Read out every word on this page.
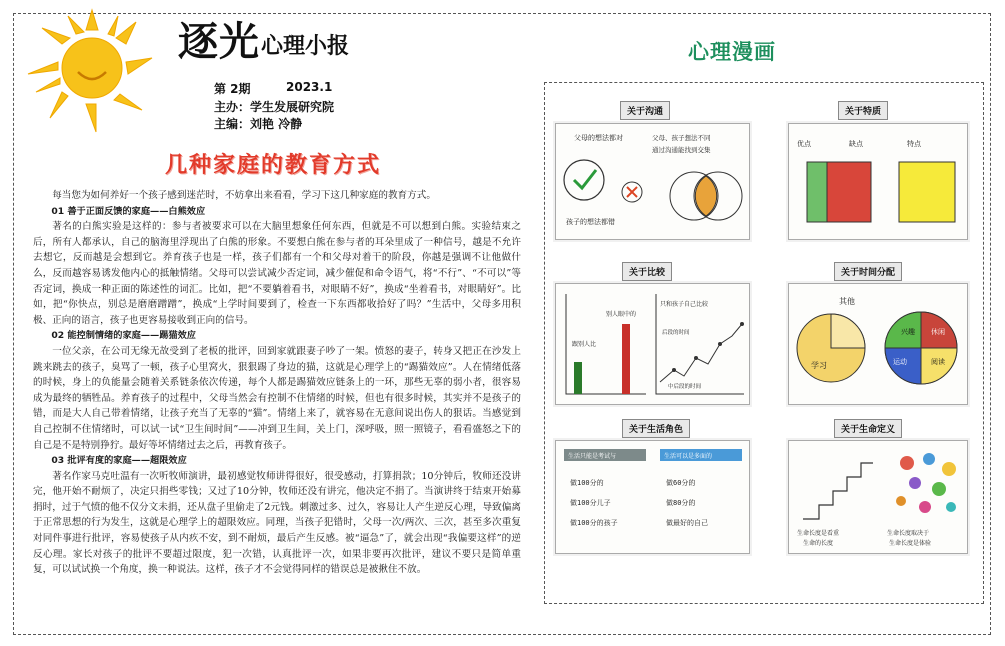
逐光 心理小报
第 2期	2023.1
主办：学生发展研究院
主编：刘艳 冷静
几种家庭的教育方式

每当您为如何养好一个孩子感到迷茫时，不妨拿出来看看，学习下这几种家庭的教育方式。

01 善于正面反馈的家庭——白熊效应

著名的白熊实验是这样的：参与者被要求可以在大脑里想象任何东西，但就是不可以想到白熊。实验结束之后，所有人都承认，自己的脑海里浮现出了白熊的形象。不要想白熊在参与者的耳朵里成了一种信号，越是不允许去想它，反而越是会想到它。养育孩子也是一样，孩子们都有一个和父母对着干的阶段，你越是强调不让他做什么，反而越容易诱发他内心的抵触情绪。父母可以尝试减少否定词，减少催促和命令语气，将“不行”、“不可以”等否定词，换成一种正面的陈述性的词汇。比如，把“不要躺着看书，对眼睛不好”，换成“坐着看书，对眼睛好”。比如，把“你快点，别总是磨磨蹭蹭”，换成“上学时间要到了，检查一下东西都收拾好了吗？”生活中，父母多用积极、正向的语言，孩子也更容易接收到正向的信号。

02 能控制情绪的家庭——踢猫效应

一位父亲，在公司无缘无故受到了老板的批评，回到家就跟妻子吵了一架。愤怒的妻子，转身又把正在沙发上跳来跳去的孩子，臭骂了一顿，孩子心里窝火，狠狠踢了身边的猫，这就是心理学上的“踢猫效应”。人在情绪低落的时候，身上的负能量会随着关系链条依次传递，每个人都是踢猫效应链条上的一环，那些无辜的弱小者，很容易成为最终的牺牲品。养育孩子的过程中，父母当然会有控制不住情绪的时候，但也有很多时候，其实并不是孩子的错，而是大人自己带着情绪，让孩子充当了无辜的“猫”。情绪上来了，就容易在无意间说出伤人的狠话。当感觉到自己控制不住情绪时，可以试一试“卫生间时间”——冲到卫生间，关上门，深呼吸，照一照镜子，看看盛怒之下的自己是不是特别狰狞。最好等坏情绪过去之后，再教育孩子。

03 批评有度的家庭——超限效应

著名作家马克吐温有一次听牧师演讲，最初感觉牧师讲得很好，很受感动，打算捐款；10分钟后，牧师还没讲完，他开始不耐烦了，决定只捐些零钱；又过了10分钟，牧师还没有讲完，他决定不捐了。当演讲终于结束开始募捐时，过于气愤的他不仅分文未捐，还从盘子里偷走了2元钱。刺激过多、过久，容易让人产生逆反心理，导致偏离于正常思想的行为发生，这就是心理学上的超限效应。同理，当孩子犯错时，父母一次/两次、三次，甚至多次重复对同件事进行批评，容易使孩子从内疚不安，到不耐烦，最后产生反感。被“逼急”了，就会出现“我偏要这样”的逆反心理。家长对孩子的批评不要超过限度，犯一次错，认真批评一次，如果非要再次批评，建议不要只是简单重复，可以试试换一个角度，换一种说法。这样，孩子才不会觉得同样的错误总是被揪住不放。

心理漫画
关于沟通
父母的想法都对
孩子的想法都错
父母、孩子想法不同
通过沟通能找到交集
关于特质
优点	缺点	特点
关于比较
跟别人比
别人眼中的
只和孩子自己比较
后段的时间
中后段的时间
关于时间分配
其他
学习
兴趣 休闲
运动	阅读
关于生活角色
生活只能是考试与	生活可以是多面的
做100分的
做100分儿子
做100分的孩子
做60分的
做80分的
做最好的自己
关于生命定义
生命长度是看重
生命的长度
生命长度取决于
生命长度是体验
